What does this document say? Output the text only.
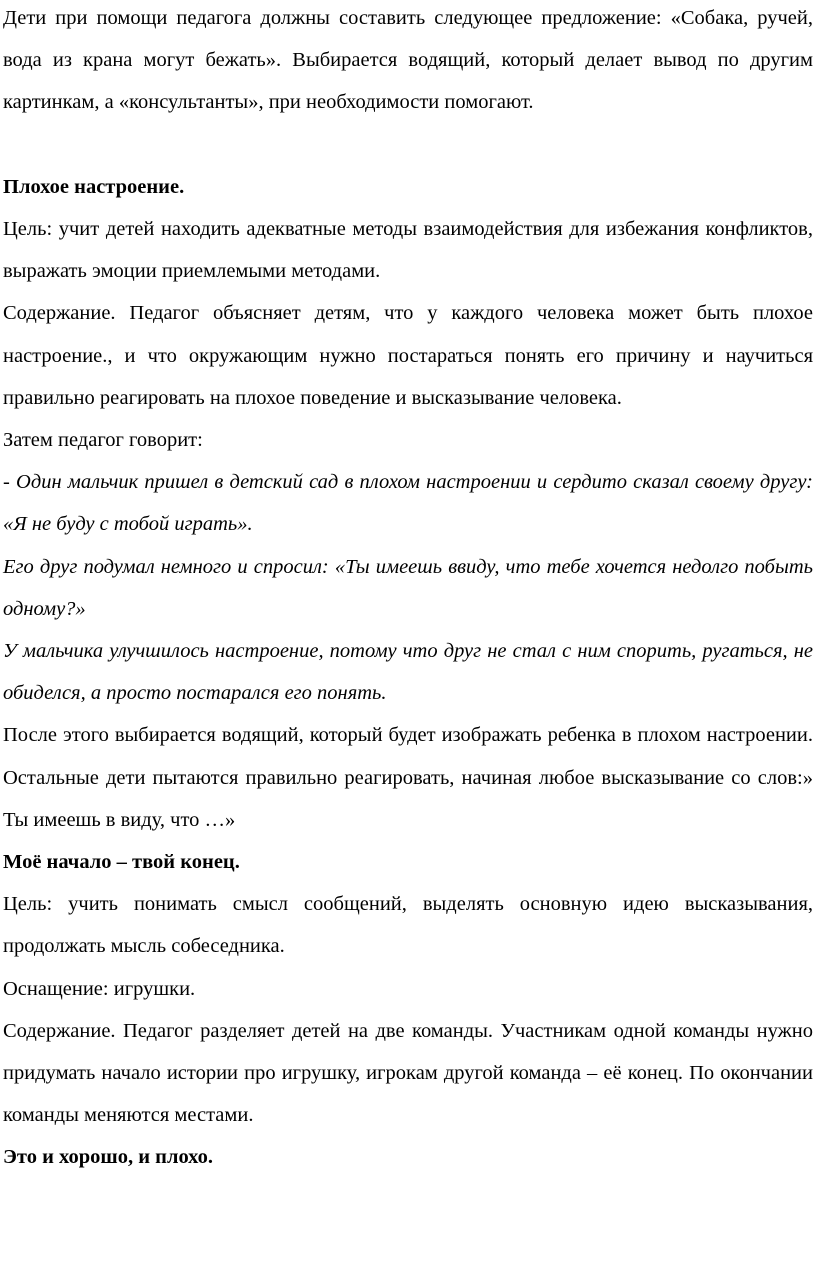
Дети при помощи педагога должны составить следующее предложение: «Собака, ручей, вода из крана могут бежать». Выбирается водящий, который делает вывод по другим картинкам, а «консультанты», при необходимости помогают.

Плохое настроение.

Цель: учит детей находить адекватные методы взаимодействия для избежания конфликтов, выражать эмоции приемлемыми методами.

Содержание. Педагог объясняет детям, что у каждого человека может быть плохое настроение., и что окружающим нужно постараться понять его причину и научиться правильно реагировать на плохое поведение и высказывание человека.

Затем педагог говорит:

- Один мальчик пришел в детский сад в плохом настроении и сердито сказал своему другу: «Я не буду с тобой играть».

Его друг подумал немного и спросил: «Ты имеешь ввиду, что тебе хочется недолго побыть одному?»

У мальчика улучшилось настроение, потому что друг не стал с ним спорить, ругаться, не обиделся, а просто постарался его понять.

После этого выбирается водящий, который будет изображать ребенка в плохом настроении. Остальные дети пытаются правильно реагировать, начиная любое высказывание со слов:» Ты имеешь в виду, что …»

Моё начало – твой конец.

Цель: учить понимать смысл сообщений, выделять основную идею высказывания, продолжать мысль собеседника.

Оснащение: игрушки.

Содержание. Педагог разделяет детей на две команды. Участникам одной команды нужно придумать начало истории про игрушку, игрокам другой команда – её конец. По окончании команды меняются местами.

Это и хорошо, и плохо.
